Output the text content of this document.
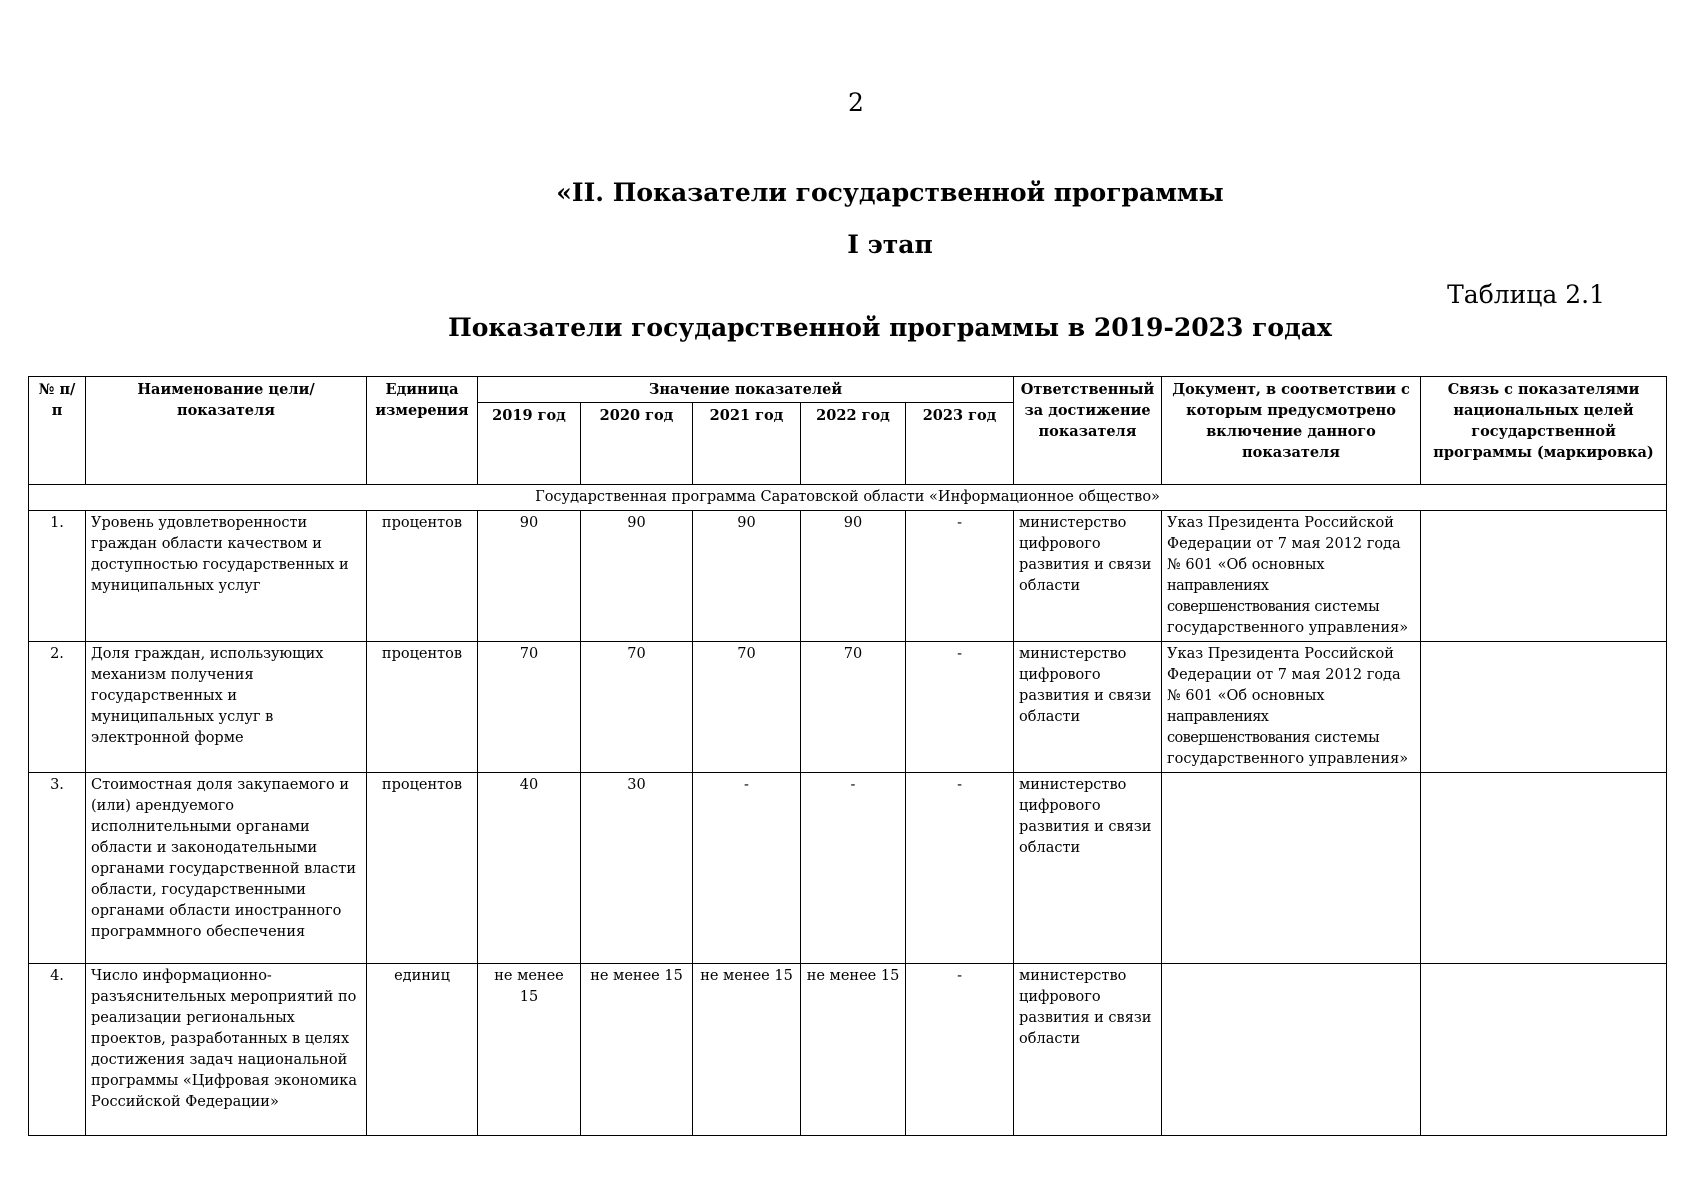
2
«II. Показатели государственной программы
I этап
Таблица 2.1
Показатели государственной программы в 2019-2023 годах
№ п/п	Наименование цели/показателя	Единица измерения	Значение показателей					Ответственный за достижение показателя	Документ, в соответствии с которым предусмотрено включение данного показателя	Связь с показателями национальных целей государственной программы (маркировка)
			2019 год	2020 год	2021 год	2022 год	2023 год			
Государственная программа Саратовской области «Информационное общество»										
1.	Уровень удовлетворенности граждан области качеством и доступностью государственных и муниципальных услуг	процентов	90	90	90	90	-	министерство цифрового развития и связи области	Указ Президента Российской Федерации от 7 мая 2012 года № 601 «Об основных направлениях совершенствования системы государственного управления»	
2.	Доля граждан, использующих механизм получения государственных и муниципальных услуг в электронной форме	процентов	70	70	70	70	-	министерство цифрового развития и связи области	Указ Президента Российской Федерации от 7 мая 2012 года № 601 «Об основных направлениях совершенствования системы государственного управления»	
3.	Стоимостная доля закупаемого и (или) арендуемого исполнительными органами области и законодательными органами государственной власти области, государственными органами области иностранного программного обеспечения	процентов	40	30	-	-	-	министерство цифрового развития и связи области		
4.	Число информационно-разъяснительных мероприятий по реализации региональных проектов, разработанных в целях достижения задач национальной программы «Цифровая экономика Российской Федерации»	единиц	не менее 15	не менее 15	не менее 15	не менее 15	-	министерство цифрового развития и связи области		
